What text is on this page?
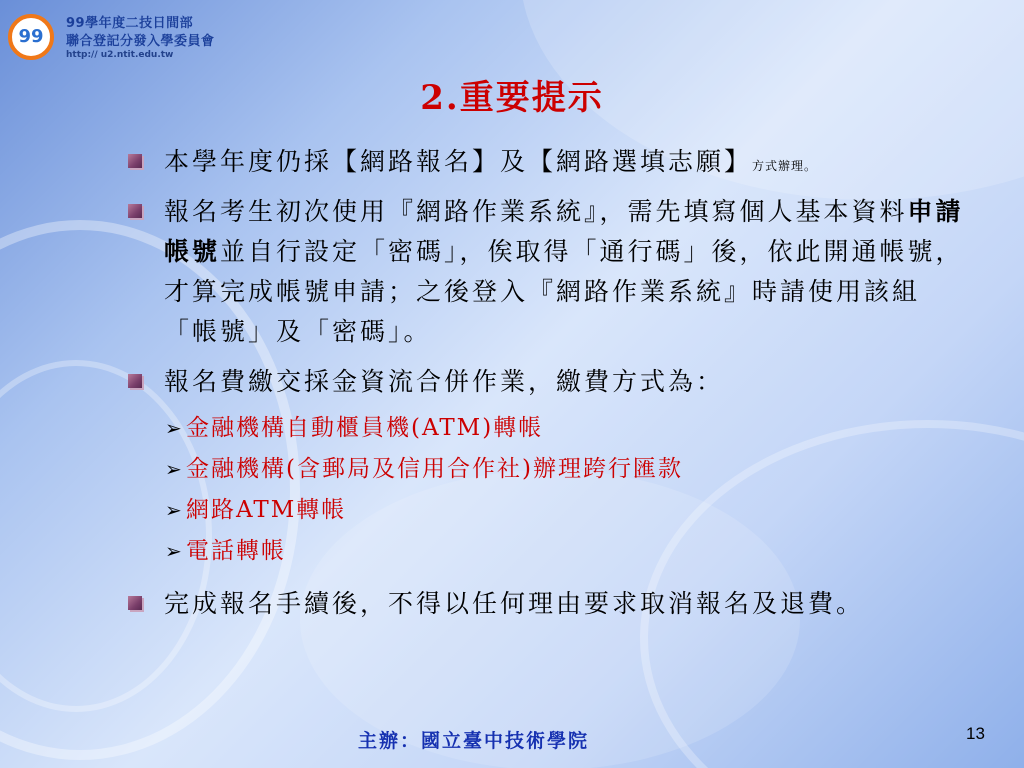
99
99學年度二技日間部
聯合登記分發入學委員會
http:// u2.ntit.edu.tw
2.重要提示
本學年度仍採【網路報名】及【網路選填志願】方式辦理。
報名考生初次使用『網路作業系統』，需先填寫個人基本資料申請帳號並自行設定「密碼」，俟取得「通行碼」後，依此開通帳號，才算完成帳號申請；之後登入『網路作業系統』時請使用該組「帳號」及「密碼」。
報名費繳交採金資流合併作業，繳費方式為：
➢ 金融機構自動櫃員機(ATM)轉帳
➢ 金融機構(含郵局及信用合作社)辦理跨行匯款
➢ 網路ATM轉帳
➢ 電話轉帳
完成報名手續後，不得以任何理由要求取消報名及退費。
主辦：國立臺中技術學院	13
